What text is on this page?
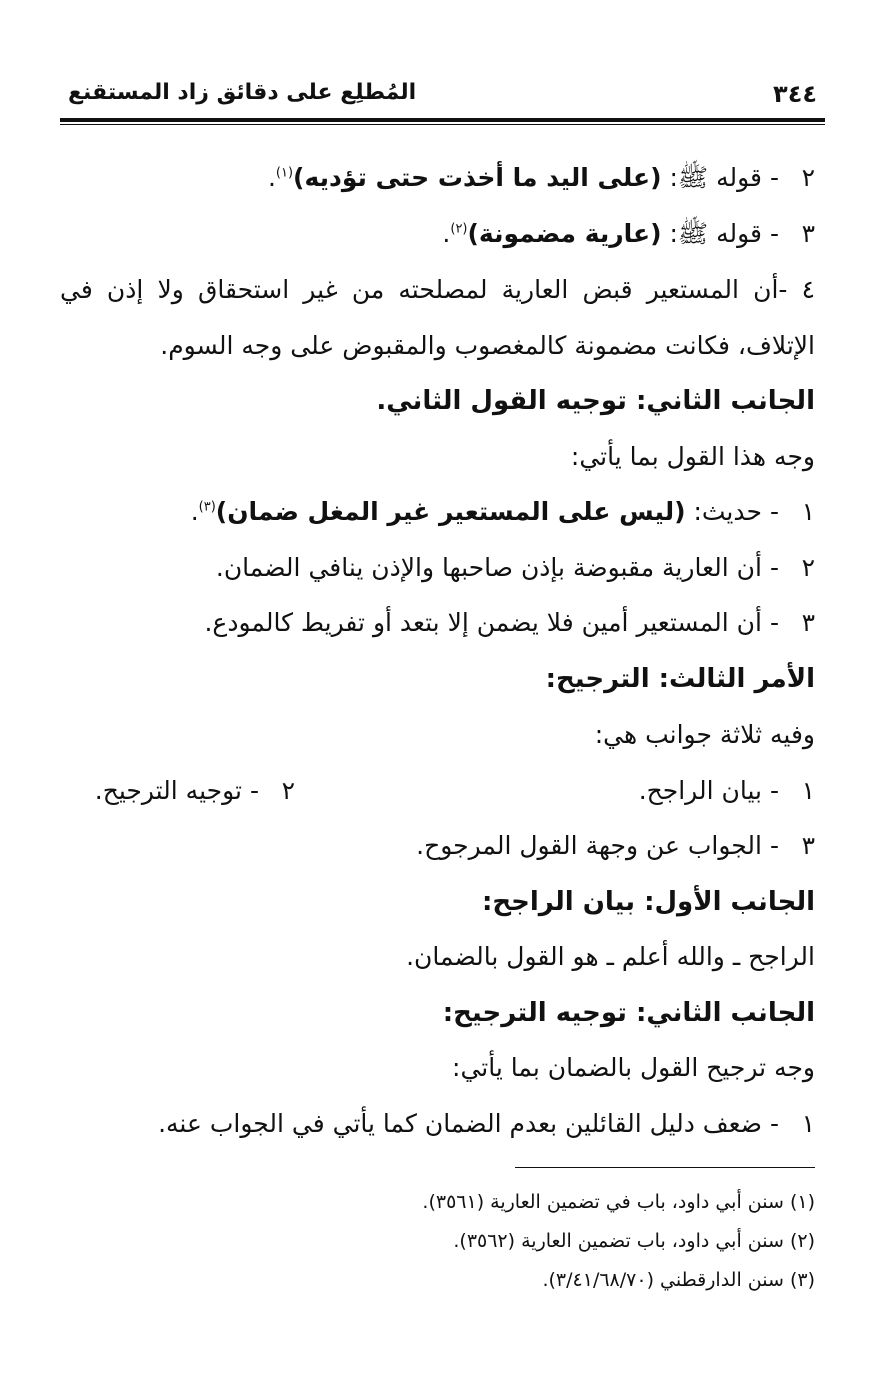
٣٤٤
المُطلِع على دقائق زاد المستقنع
٢-قوله ﷺ: (على اليد ما أخذت حتى تؤديه)$^{(١)}$.
٣-قوله ﷺ: (عارية مضمونة)$^{(٢)}$.
٤ -أن المستعير قبض العارية لمصلحته من غير استحقاق ولا إذن في
الإتلاف، فكانت مضمونة كالمغصوب والمقبوض على وجه السوم.
الجانب الثاني: توجيه القول الثاني.
وجه هذا القول بما يأتي:
١-حديث: (ليس على المستعير غير المغل ضمان)$^{(٣)}$.
٢-أن العارية مقبوضة بإذن صاحبها والإذن ينافي الضمان.
٣-أن المستعير أمين فلا يضمن إلا بتعد أو تفريط كالمودع.
الأمر الثالث: الترجيح:
وفيه ثلاثة جوانب هي:
١-بيان الراجح.
٢-توجيه الترجيح.
٣-الجواب عن وجهة القول المرجوح.
الجانب الأول: بيان الراجح:
الراجح ـ والله أعلم ـ هو القول بالضمان.
الجانب الثاني: توجيه الترجيح:
وجه ترجيح القول بالضمان بما يأتي:
١-ضعف دليل القائلين بعدم الضمان كما يأتي في الجواب عنه.
(١) سنن أبي داود، باب في تضمين العارية (٣٥٦١).
(٢) سنن أبي داود، باب تضمين العارية (٣٥٦٢).
(٣) سنن الدارقطني (٣/٤١/٦٨/٧٠).
